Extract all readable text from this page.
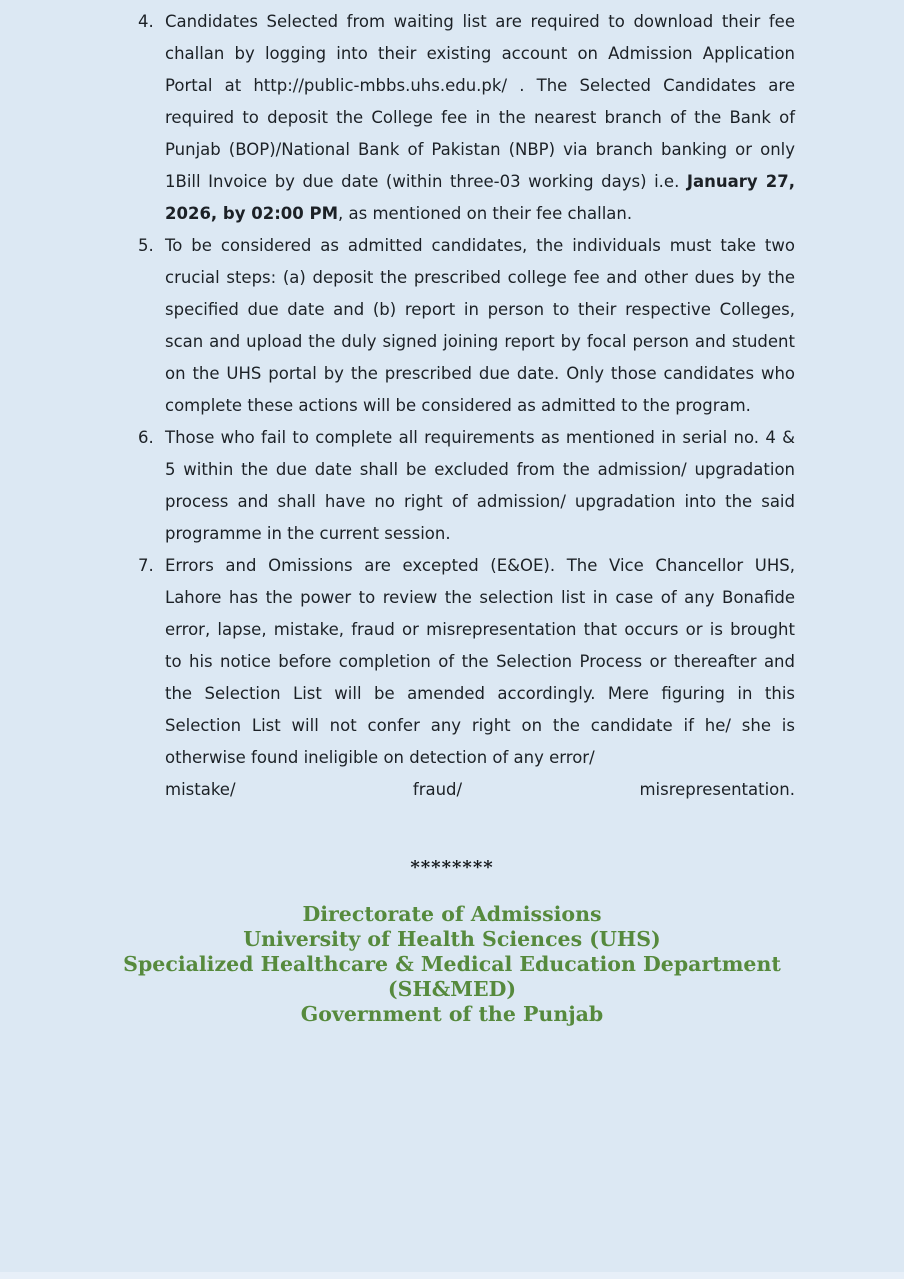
4. Candidates Selected from waiting list are required to download their fee challan by logging into their existing account on Admission Application Portal at http://public-mbbs.uhs.edu.pk/ . The Selected Candidates are required to deposit the College fee in the nearest branch of the Bank of Punjab (BOP)/National Bank of Pakistan (NBP) via branch banking or only 1Bill Invoice by due date (within three-03 working days) i.e. January 27, 2026, by 02:00 PM, as mentioned on their fee challan.
5. To be considered as admitted candidates, the individuals must take two crucial steps: (a) deposit the prescribed college fee and other dues by the specified due date and (b) report in person to their respective Colleges, scan and upload the duly signed joining report by focal person and student on the UHS portal by the prescribed due date. Only those candidates who complete these actions will be considered as admitted to the program.
6. Those who fail to complete all requirements as mentioned in serial no. 4 & 5 within the due date shall be excluded from the admission/ upgradation process and shall have no right of admission/ upgradation into the said programme in the current session.
7. Errors and Omissions are excepted (E&OE). The Vice Chancellor UHS, Lahore has the power to review the selection list in case of any Bonafide error, lapse, mistake, fraud or misrepresentation that occurs or is brought to his notice before completion of the Selection Process or thereafter and the Selection List will be amended accordingly. Mere figuring in this Selection List will not confer any right on the candidate if he/ she is otherwise found ineligible on detection of any error/
mistake/	fraud/	misrepresentation.
********
Directorate of Admissions
University of Health Sciences (UHS)
Specialized Healthcare & Medical Education Department
(SH&MED)
Government of the Punjab
